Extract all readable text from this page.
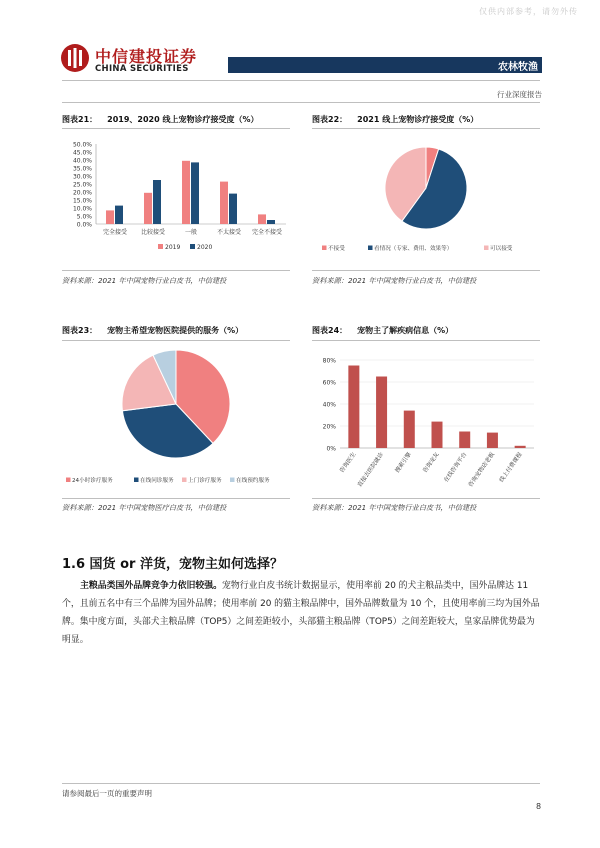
仅供内部参考，请勿外传
中信建投证券
CHINA SECURITIES	农林牧渔
行业深度报告
图表21： 2019、2020 线上宠物诊疗接受度（%）
0.0%
5.0%
10.0%
15.0%
20.0%
25.0%
30.0%
35.0%
40.0%
45.0%
50.0%
完全接受 比较接受	一般	不太接受 完全不接受
2019	2020
资料来源：2021 年中国宠物行业白皮书，中信建投
图表22： 2021 线上宠物诊疗接受度（%）
不接受	看情况（专家、费用、效果等）	可以接受
资料来源：2021 年中国宠物行业白皮书，中信建投
图表23： 宠物主希望宠物医院提供的服务（%）
24小时诊疗服务	在线问诊服务	上门诊疗服务	在线预约服务
资料来源：2021 年中国宠物医疗白皮书，中信建投
图表24： 宠物主了解疾病信息（%）
0%
20%
40%
60%
80%
咨询医生 直接去医院就诊 搜索引擎 咨询宠友 在线咨询平台 咨询宠物店老板 线上付费课程
资料来源：2021 年中国宠物行业白皮书，中信建投
1.6 国货 or 洋货，宠物主如何选择？
主粮品类国外品牌竞争力依旧较强。宠物行业白皮书统计数据显示，使用率前 20 的犬主粮品类中，国外品牌达 11 个，且前五名中有三个品牌为国外品牌；使用率前 20 的猫主粮品牌中，国外品牌数量为 10 个，且使用率前三均为国外品牌。集中度方面，头部犬主粮品牌（TOP5）之间差距较小，头部猫主粮品牌（TOP5）之间差距较大，皇家品牌优势最为明显。
请参阅最后一页的重要声明
8
